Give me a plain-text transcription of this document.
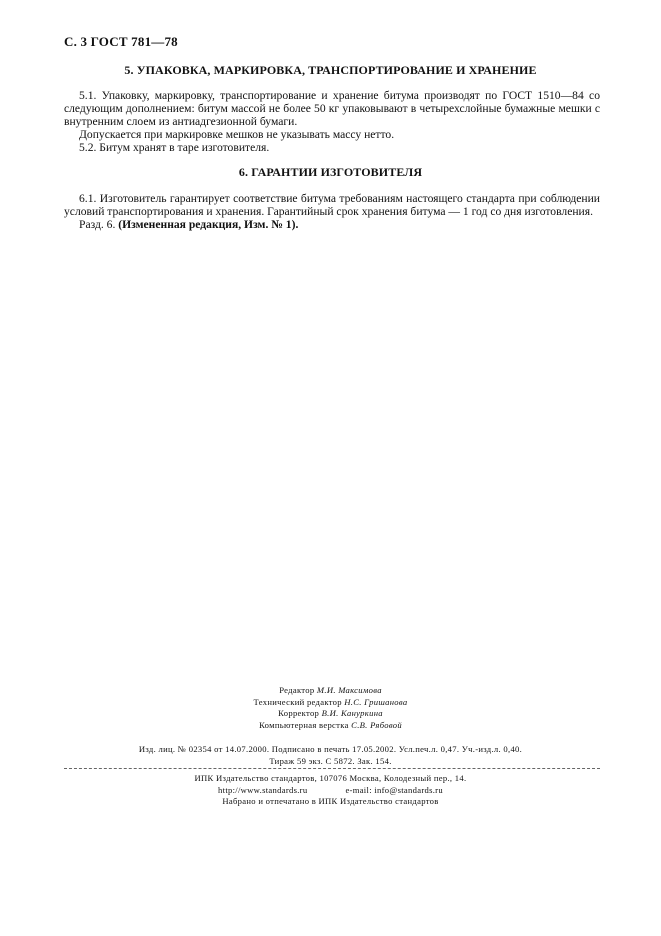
С. 3 ГОСТ 781—78
5. УПАКОВКА, МАРКИРОВКА, ТРАНСПОРТИРОВАНИЕ И ХРАНЕНИЕ

5.1. Упаковку, маркировку, транспортирование и хранение битума производят по ГОСТ 1510—84 со следующим дополнением: битум массой не более 50 кг упаковывают в четырехслойные бумажные мешки с внутренним слоем из антиадгезионной бумаги.

Допускается при маркировке мешков не указывать массу нетто.

5.2. Битум хранят в таре изготовителя.

6. ГАРАНТИИ ИЗГОТОВИТЕЛЯ

6.1. Изготовитель гарантирует соответствие битума требованиям настоящего стандарта при соблюдении условий транспортирования и хранения. Гарантийный срок хранения битума — 1 год со дня изготовления.

Разд. 6. (Измененная редакция, Изм. № 1).

Редактор М.И. Максимова

Технический редактор Н.С. Гришанова

Корректор В.И. Кануркина

Компьютерная верстка С.В. Рябовой

Изд. лиц. № 02354 от 14.07.2000. Подписано в печать 17.05.2002. Усл.печ.л. 0,47. Уч.-изд.л. 0,40.

Тираж 59 экз. С 5872. Зак. 154.

ИПК Издательство стандартов, 107076 Москва, Колодезный пер., 14.

http://www.standards.ru	e-mail: info@standards.ru

Набрано и отпечатано в ИПК Издательство стандартов
